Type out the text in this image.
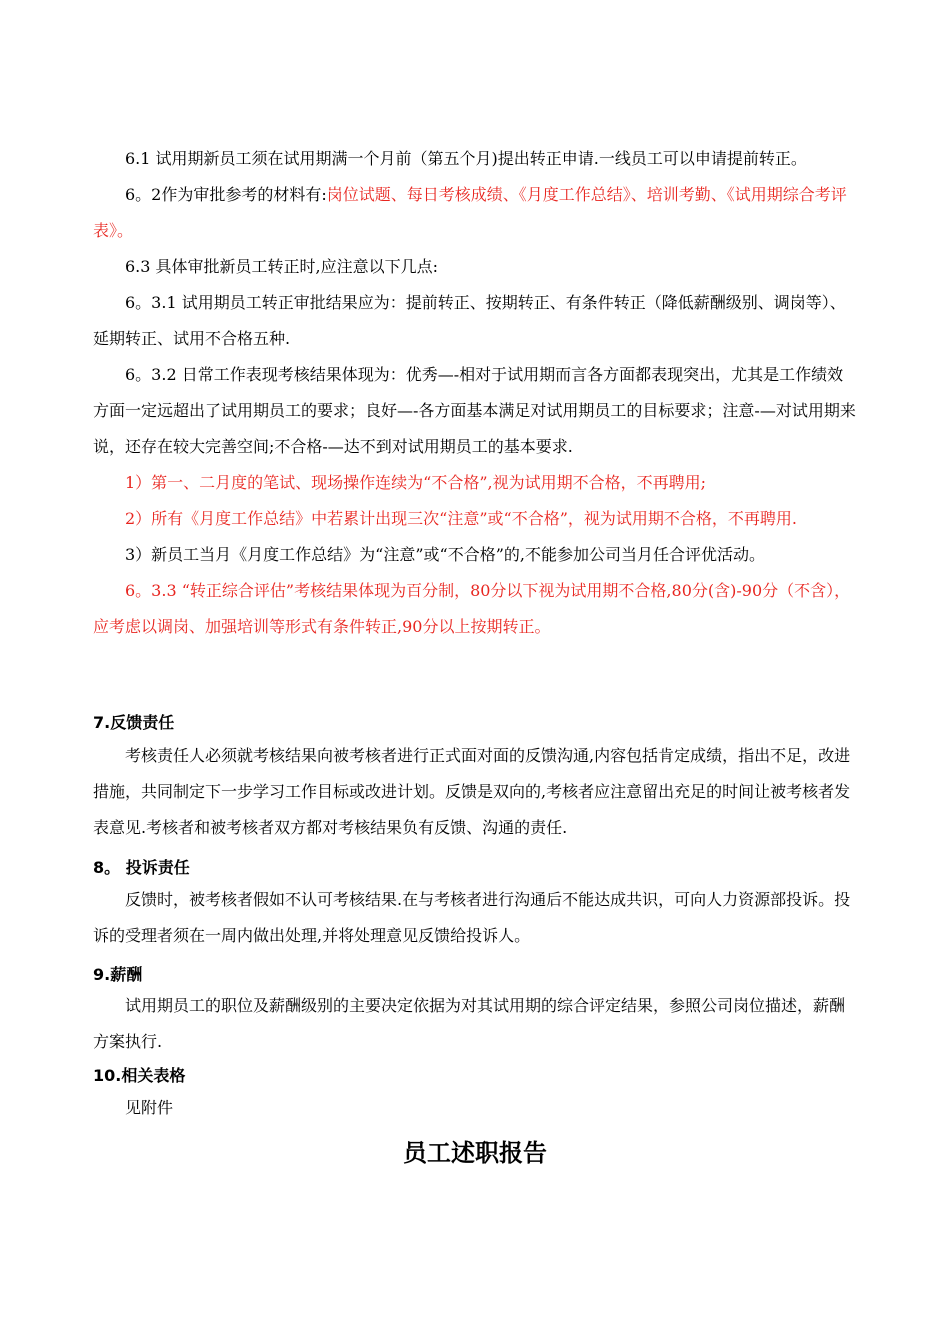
6.1 试用期新员工须在试用期满一个月前（第五个月)提出转正申请.一线员工可以申请提前转正。

6。2作为审批参考的材料有:岗位试题、每日考核成绩、《月度工作总结》、培训考勤、《试用期综合考评表》。

6.3 具体审批新员工转正时,应注意以下几点:

6。3.1 试用期员工转正审批结果应为：提前转正、按期转正、有条件转正（降低薪酬级别、调岗等）、延期转正、试用不合格五种.

6。3.2 日常工作表现考核结果体现为：优秀—-相对于试用期而言各方面都表现突出，尤其是工作绩效方面一定远超出了试用期员工的要求；良好—-各方面基本满足对试用期员工的目标要求；注意-—对试用期来说，还存在较大完善空间;不合格-—达不到对试用期员工的基本要求.

1）第一、二月度的笔试、现场操作连续为“不合格”,视为试用期不合格，不再聘用;

2）所有《月度工作总结》中若累计出现三次“注意”或“不合格”，视为试用期不合格，不再聘用.

3）新员工当月《月度工作总结》为“注意”或“不合格”的,不能参加公司当月任合评优活动。

6。3.3 “转正综合评估”考核结果体现为百分制，80分以下视为试用期不合格,80分(含)-90分（不含），应考虑以调岗、加强培训等形式有条件转正,90分以上按期转正。

7.反馈责任

考核责任人必须就考核结果向被考核者进行正式面对面的反馈沟通,内容包括肯定成绩，指出不足，改进措施，共同制定下一步学习工作目标或改进计划。反馈是双向的,考核者应注意留出充足的时间让被考核者发表意见.考核者和被考核者双方都对考核结果负有反馈、沟通的责任.

8。 投诉责任

反馈时，被考核者假如不认可考核结果.在与考核者进行沟通后不能达成共识，可向人力资源部投诉。投诉的受理者须在一周内做出处理,并将处理意见反馈给投诉人。

9.薪酬

试用期员工的职位及薪酬级别的主要决定依据为对其试用期的综合评定结果，参照公司岗位描述，薪酬方案执行.

10.相关表格

见附件

员工述职报告
